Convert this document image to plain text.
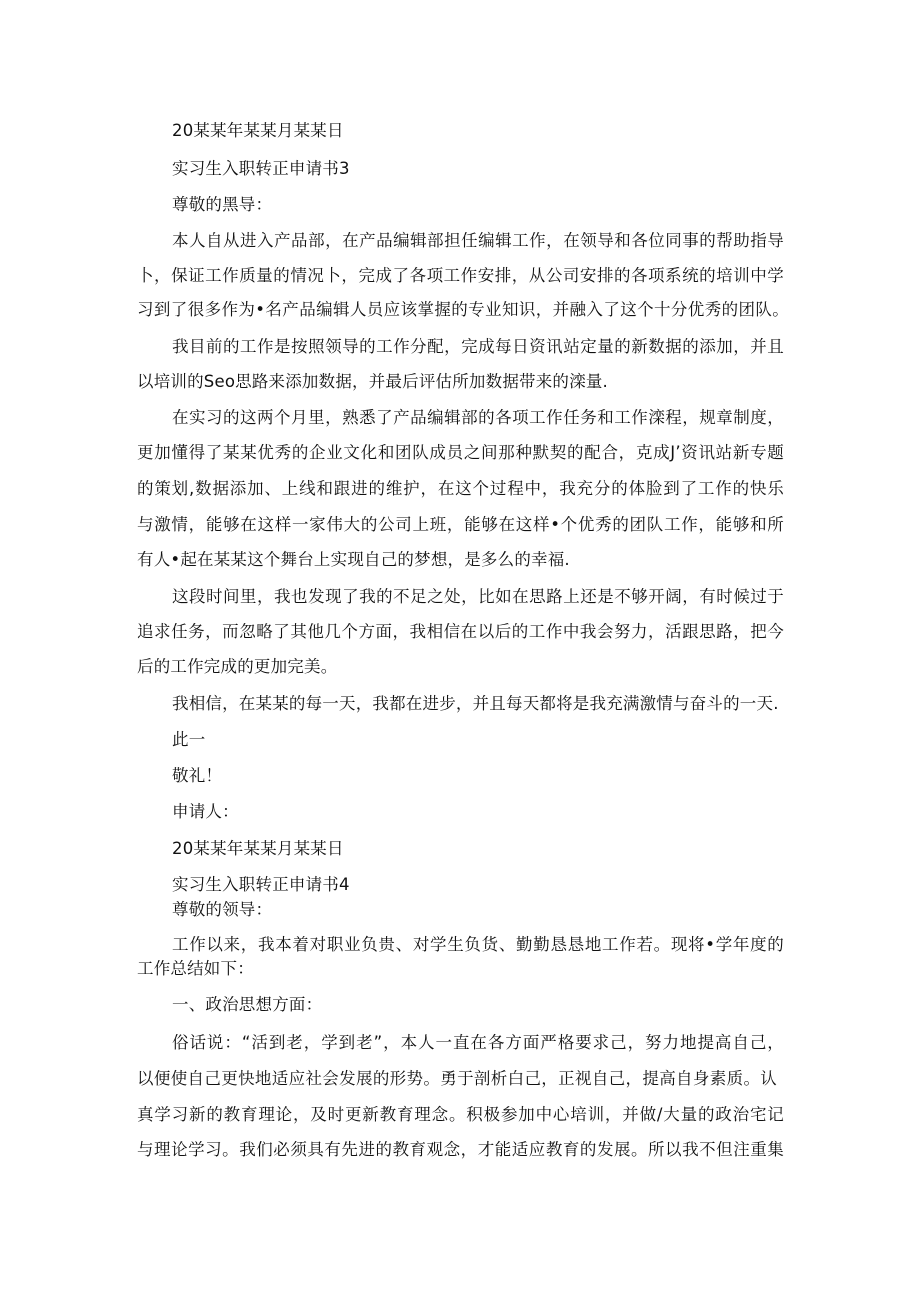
20某某年某某月某某日
实习生入职转正申请书3
尊敬的黑导：
本人自从进入产品部，在产品编辑部担任编辑工作，在领导和各位同事的帮助指导
卜，保证工作质量的情况卜，完成了各项工作安排，从公司安排的各项系统的培训中学
习到了很多作为•名产品编辑人员应该掌握的专业知识，并融入了这个十分优秀的团队。
我目前的工作是按照领导的工作分配，完成每日资讯站定量的新数据的添加，并且
以培训的Seo思路来添加数据，并最后评估所加数据带来的滦量.
在实习的这两个月里，熟悉了产品编辑部的各项工作任务和工作滦程，规章制度，
更加懂得了某某优秀的企业文化和团队成员之间那种默契的配合，克成J’资讯站新专题
的策划,数据添加、上线和跟进的维护，在这个过程中，我充分的体脸到了工作的快乐
与激情，能够在这样一家伟大的公司上班，能够在这样•个优秀的团队工作，能够和所
有人•起在某某这个舞台上实现自己的梦想，是多么的幸福.
这段时间里，我也发现了我的不足之处，比如在思路上还是不够开阔，有时候过于
追求任务，而忽略了其他几个方面，我相信在以后的工作中我会努力，活跟思路，把今
后的工作完成的更加完美。
我相信，在某某的每一天，我都在进步，并且每天都将是我充满激情与奋斗的一天.
此一
敬礼！
申请人：
20某某年某某月某某日
实习生入职转正申请书4
尊敬的领导：
工作以来，我本着对职业负贵、对学生负货、勤勤恳恳地工作若。现将•学年度的
工作总结如下：
一、政治思想方面：
俗话说：“活到老，学到老”，本人一直在各方面严格要求己，努力地提高自己，
以便使自己更快地适应社会发展的形势。勇于剖析白己，正视自己，提高自身素质。认
真学习新的教育理论，及时更新教育理念。积极参加中心培训，并做/大量的政治宅记
与理论学习。我们必须具有先进的教育观念，才能适应教育的发展。所以我不但注重集
